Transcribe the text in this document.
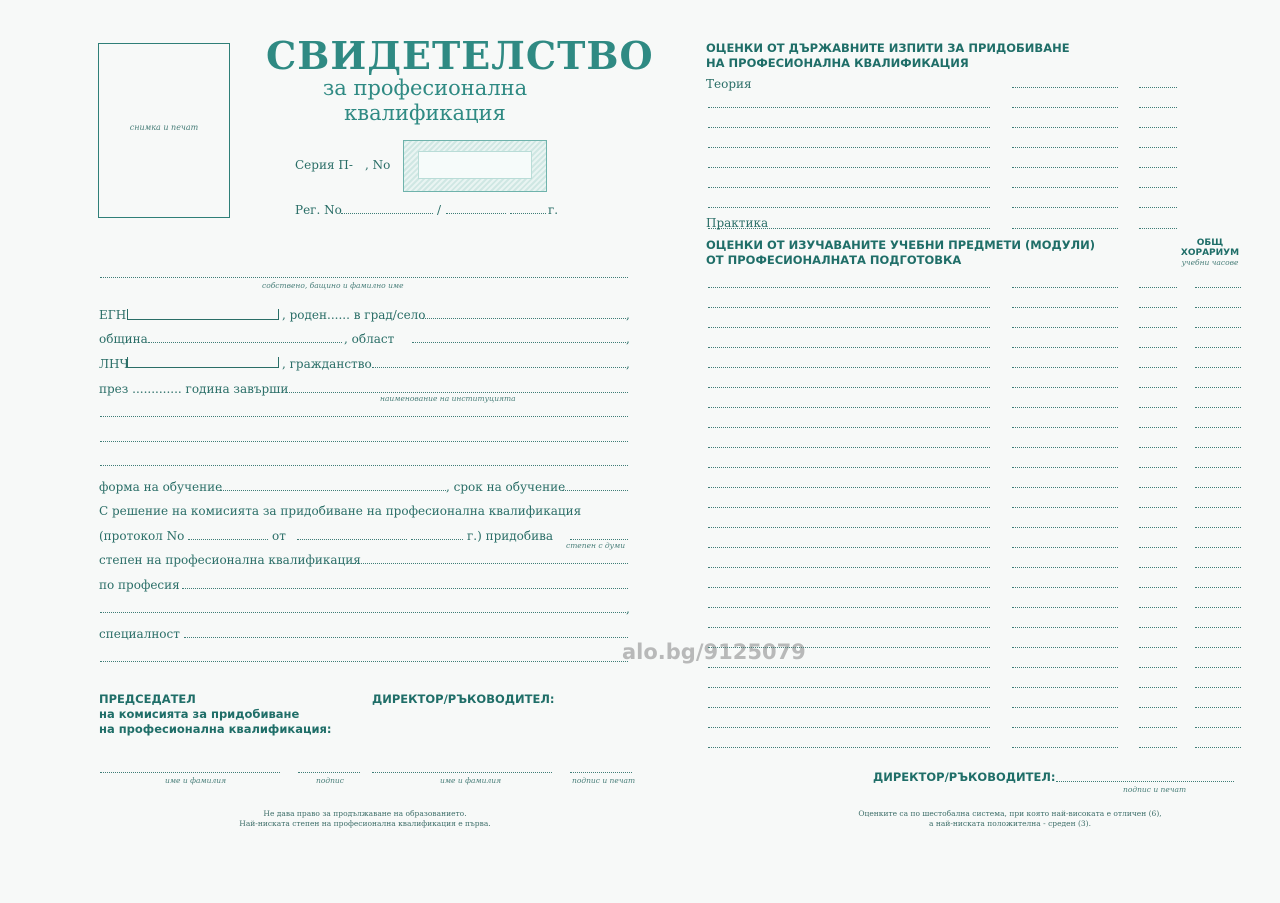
снимка и печат
СВИДЕТЕЛСТВО
за професионална
квалификация
Серия П- , No
Рег. No	/	г.
собствено, бащино и фамилно име
ЕГН	, роден...... в град/село	,
община	, област	,
ЛНЧ	, гражданство	,
през ............. година завърши
наименование на институцията
форма на обучение	, срок на обучение
С решение на комисията за придобиване на професионална квалификация
(протокол No	от	г.) придобива
степен с думи
степен на професионална квалификация
по професия
,
специалност
ПРЕДСЕДАТЕЛ
на комисията за придобиване
на професионална квалификация:
ДИРЕКТОР/РЪКОВОДИТЕЛ:
име и фамилия	подпис	име и фамилия	подпис и печат
Не дава право за продължаване на образованието.
Най-ниската степен на професионална квалификация е първа.
alo.bg/9125079
ОЦЕНКИ ОТ ДЪРЖАВНИТЕ ИЗПИТИ ЗА ПРИДОБИВАНЕ
НА ПРОФЕСИОНАЛНА КВАЛИФИКАЦИЯ
Теория
Практика
ОЦЕНКИ ОТ ИЗУЧАВАНИТЕ УЧЕБНИ ПРЕДМЕТИ (МОДУЛИ)
ОТ ПРОФЕСИОНАЛНАТА ПОДГОТОВКА
ОБЩ
ХОРАРИУМ
учебни часове
ДИРЕКТОР/РЪКОВОДИТЕЛ:
подпис и печат
Оценките са по шестобална система, при която най-високата е отличен (6),
а най-ниската положителна - среден (3).
